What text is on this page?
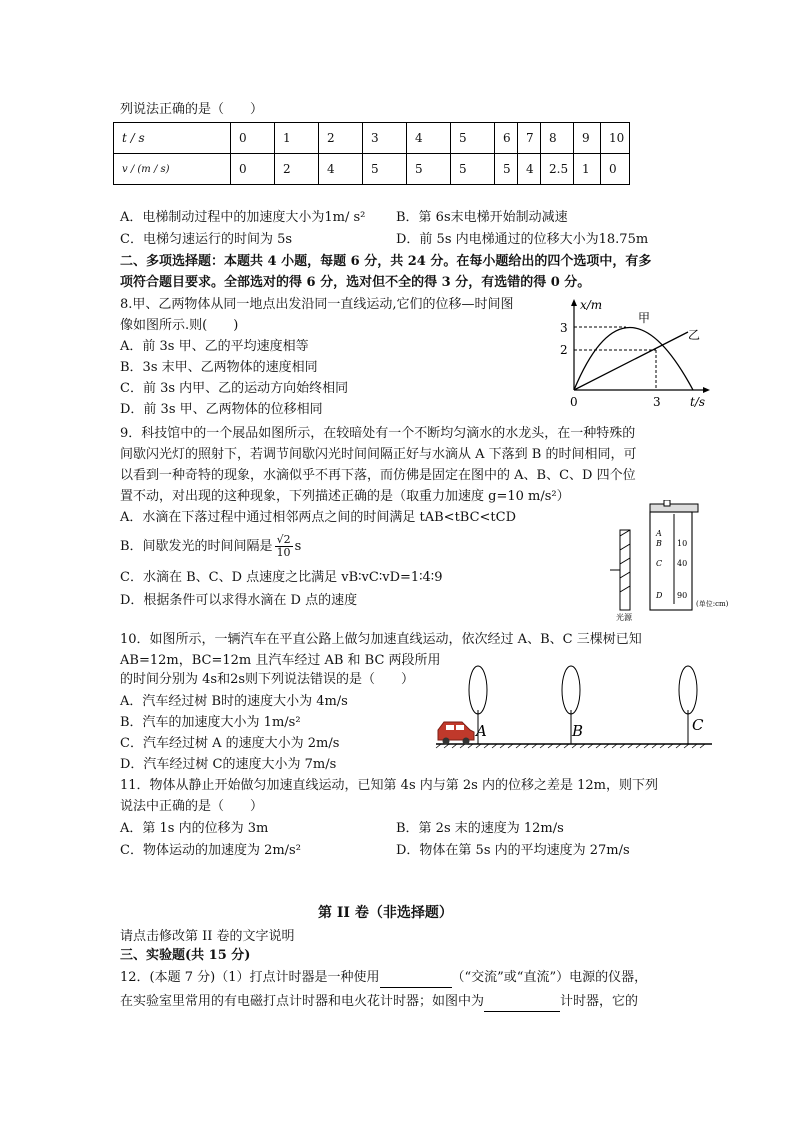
列说法正确的是（　　）
t / s	0	1	2	3	4	5	6	7	8	9	10
v / (m / s)	0	2	4	5	5	5	5	4	2.5	1	0
A．电梯制动过程中的加速度大小为1m/ s² B．第 6s末电梯开始制动减速
C．电梯匀速运行的时间为 5s	D．前 5s 内电梯通过的位移大小为18.75m
二、多项选择题：本题共 4 小题，每题 6 分，共 24 分。在每小题给出的四个选项中，有多
项符合题目要求。全部选对的得 6 分，选对但不全的得 3 分，有选错的得 0 分。
8.甲、乙两物体从同一地点出发沿同一直线运动,它们的位移—时间图
像如图所示.则(　　)
A．前 3s 甲、乙的平均速度相等
B．3s 末甲、乙两物体的速度相同
C．前 3s 内甲、乙的运动方向始终相同
D．前 3s 甲、乙两物体的位移相同
x/m
t/s
0
3
2
3
甲
乙
9．科技馆中的一个展品如图所示，在较暗处有一个不断均匀滴水的水龙头，在一种特殊的
间歇闪光灯的照射下，若调节间歇闪光时间间隔正好与水滴从 A 下落到 B 的时间相同，可
以看到一种奇特的现象，水滴似乎不再下落，而仿佛是固定在图中的 A、B、C、D 四个位
置不动，对出现的这种现象，下列描述正确的是（取重力加速度 g=10 m/s²）
A．水滴在下落过程中通过相邻两点之间的时间满足 tAB<tBC<tCD
B．间歇发光的时间间隔是 $\frac{√2}{10}$ s
C．水滴在 B、C、D 点速度之比满足 vB∶vC∶vD=1∶4∶9
D．根据条件可以求得水滴在 D 点的速度
光源
A
B
C
D
10
40
90
(单位:cm)
10．如图所示，一辆汽车在平直公路上做匀加速直线运动，依次经过 A、B、C 三棵树已知
AB=12m，BC=12m 且汽车经过 AB 和 BC 两段所用
的时间分别为 4s和2s则下列说法错误的是（　　）
A．汽车经过树 B时的速度大小为 4m/s
B．汽车的加速度大小为 1m/s²
C．汽车经过树 A 的速度大小为 2m/s
D．汽车经过树 C的速度大小为 7m/s
A	B	C
11．物体从静止开始做匀加速直线运动，已知第 4s 内与第 2s 内的位移之差是 12m，则下列
说法中正确的是（　　）
A．第 1s 内的位移为 3m	B．第 2s 末的速度为 12m/s
C．物体运动的加速度为 2m/s²	D．物体在第 5s 内的平均速度为 27m/s
第 II 卷（非选择题）
请点击修改第 II 卷的文字说明
三、实验题(共 15 分)
12．(本题 7 分)（1）打点计时器是一种使用	（“交流”或“直流”）电源的仪器，
在实验室里常用的有电磁打点计时器和电火花计时器；如图中为	计时器，它的
